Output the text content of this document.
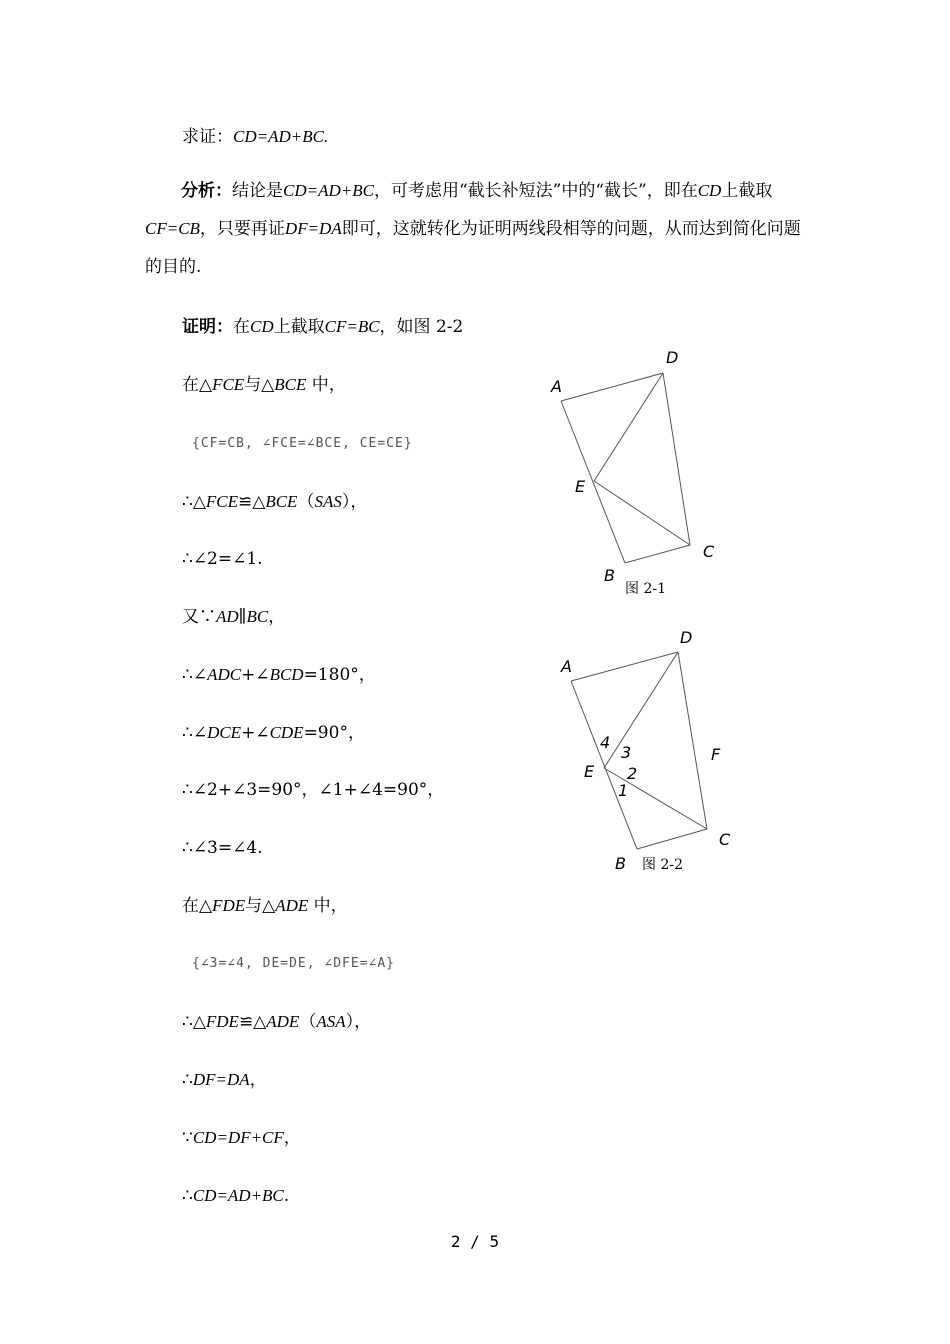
求证：CD=AD+BC.
分析：结论是CD=AD+BC，可考虑用“截长补短法”中的“截长”，即在CD上截取CF=CB，只要再证DF=DA即可，这就转化为证明两线段相等的问题，从而达到简化问题的目的.
证明：在CD上截取CF=BC，如图 2-2
在△FCE与△BCE 中，
{CF=CB, ∠FCE=∠BCE, CE=CE}
∴△FCE≌△BCE（SAS），
∴∠2=∠1.
又∵AD∥BC，
∴∠ADC+∠BCD=180°，
∴∠DCE+∠CDE=90°，
∴∠2+∠3=90°，∠1+∠4=90°，
∴∠3=∠4.
在△FDE与△ADE 中，
{∠3=∠4, DE=DE, ∠DFE=∠A}
∴△FDE≌△ADE（ASA），
∴DF=DA，
∵CD=DF+CF，
∴CD=AD+BC.
A
D
E
C
B
图 2-1
A
D
E
F
C
B
4
3
2
1
图 2-2
2 / 5
